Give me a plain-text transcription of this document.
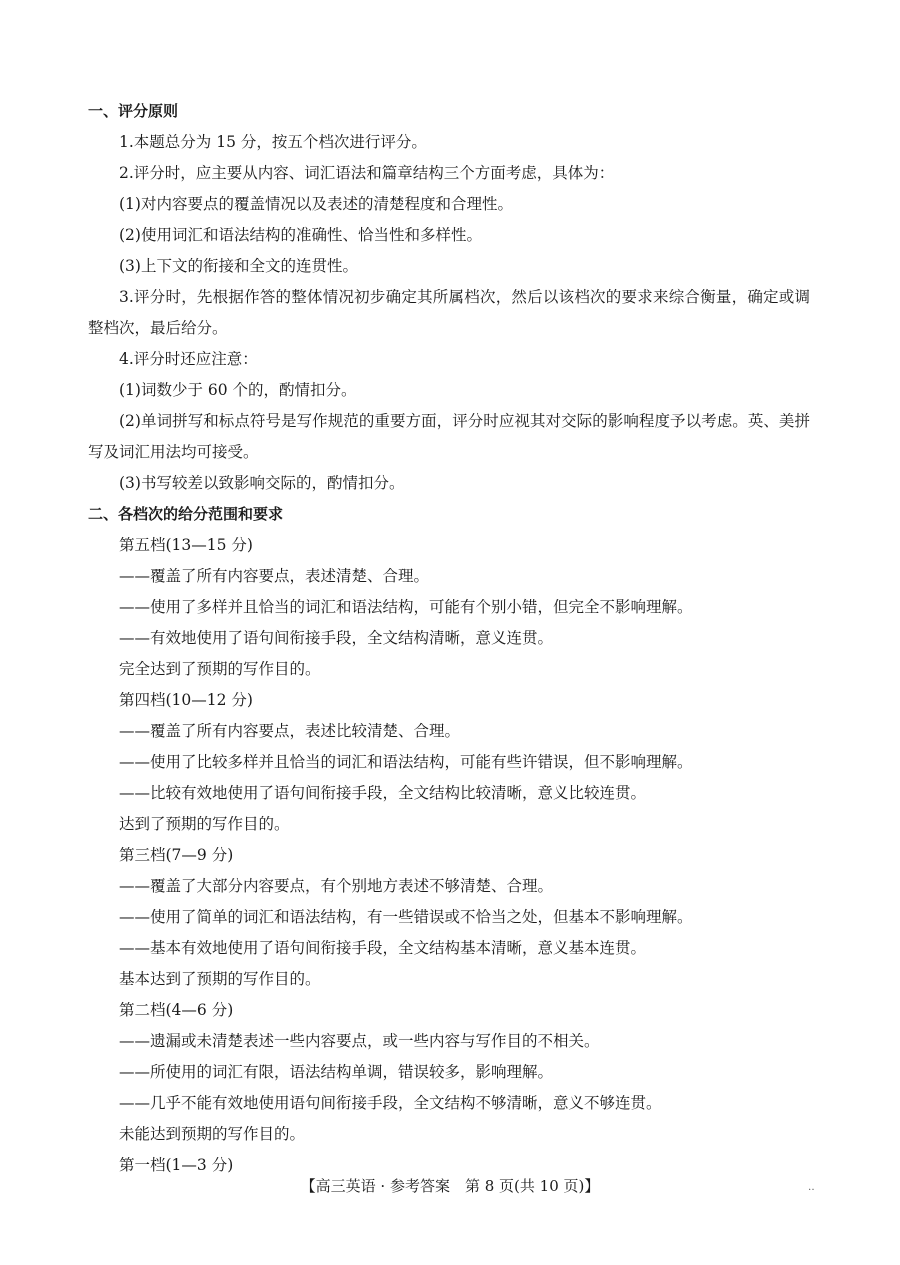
一、评分原则
1.本题总分为 15 分，按五个档次进行评分。
2.评分时，应主要从内容、词汇语法和篇章结构三个方面考虑，具体为：
(1)对内容要点的覆盖情况以及表述的清楚程度和合理性。
(2)使用词汇和语法结构的准确性、恰当性和多样性。
(3)上下文的衔接和全文的连贯性。
3.评分时，先根据作答的整体情况初步确定其所属档次，然后以该档次的要求来综合衡量，确定或调整档次，最后给分。
4.评分时还应注意：
(1)词数少于 60 个的，酌情扣分。
(2)单词拼写和标点符号是写作规范的重要方面，评分时应视其对交际的影响程度予以考虑。英、美拼写及词汇用法均可接受。
(3)书写较差以致影响交际的，酌情扣分。
二、各档次的给分范围和要求
第五档(13—15 分)
——覆盖了所有内容要点，表述清楚、合理。
——使用了多样并且恰当的词汇和语法结构，可能有个别小错，但完全不影响理解。
——有效地使用了语句间衔接手段，全文结构清晰，意义连贯。
完全达到了预期的写作目的。
第四档(10—12 分)
——覆盖了所有内容要点，表述比较清楚、合理。
——使用了比较多样并且恰当的词汇和语法结构，可能有些许错误，但不影响理解。
——比较有效地使用了语句间衔接手段，全文结构比较清晰，意义比较连贯。
达到了预期的写作目的。
第三档(7—9 分)
——覆盖了大部分内容要点，有个别地方表述不够清楚、合理。
——使用了简单的词汇和语法结构，有一些错误或不恰当之处，但基本不影响理解。
——基本有效地使用了语句间衔接手段，全文结构基本清晰，意义基本连贯。
基本达到了预期的写作目的。
第二档(4—6 分)
——遗漏或未清楚表述一些内容要点，或一些内容与写作目的不相关。
——所使用的词汇有限，语法结构单调，错误较多，影响理解。
——几乎不能有效地使用语句间衔接手段，全文结构不够清晰，意义不够连贯。
未能达到预期的写作目的。
第一档(1—3 分)
【高三英语 · 参考答案　第 8 页(共 10 页)】	‥
